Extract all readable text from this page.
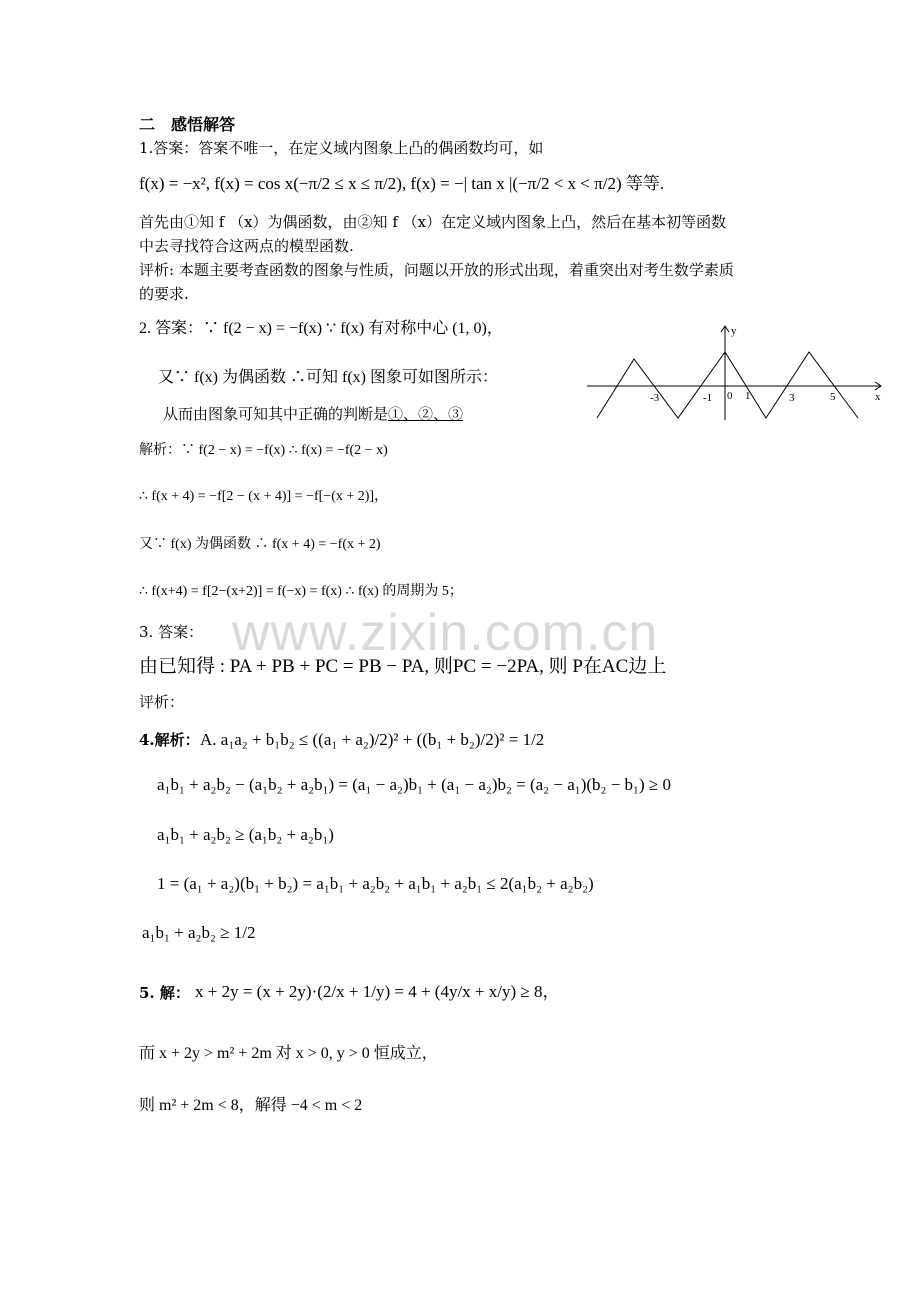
www.zixin.com.cn
二　感悟解答
1.答案：答案不唯一，在定义域内图象上凸的偶函数均可，如
f(x) = −x², f(x) = cos x(−π/2 ≤ x ≤ π/2), f(x) = −| tan x |(−π/2 < x < π/2) 等等.
首先由①知 f （x）为偶函数，由②知 f （x）在定义域内图象上凸，然后在基本初等函数
中去寻找符合这两点的模型函数.
评析: 本题主要考查函数的图象与性质，问题以开放的形式出现，着重突出对考生数学素质
的要求.
2. 答案：∵ f(2 − x) = −f(x) ∵ f(x) 有对称中心 (1, 0)，
又∵ f(x) 为偶函数 ∴可知 f(x) 图象可如图所示：
从而由图象可知其中正确的判断是①、②、③
y
x
-3	-1 0 1	3	5
解析：∵ f(2 − x) = −f(x) ∴ f(x) = −f(2 − x)
∴ f(x + 4) = −f[2 − (x + 4)] = −f[−(x + 2)]，
又∵ f(x) 为偶函数 ∴ f(x + 4) = −f(x + 2)
∴ f(x+4) = f[2−(x+2)] = f(−x) = f(x) ∴ f(x) 的周期为 5；
3. 答案：
由已知得 : PA + PB + PC = PB − PA, 则PC = −2PA, 则 P在AC边上
评析：
4.解析： A. a₁a₂ + b₁b₂ ≤ ((a₁ + a₂)/2)² + ((b₁ + b₂)/2)² = 1/2
a₁b₁ + a₂b₂ − (a₁b₂ + a₂b₁) = (a₁ − a₂)b₁ + (a₁ − a₂)b₂ = (a₂ − a₁)(b₂ − b₁) ≥ 0
a₁b₁ + a₂b₂ ≥ (a₁b₂ + a₂b₁)
1 = (a₁ + a₂)(b₁ + b₂) = a₁b₁ + a₂b₂ + a₁b₁ + a₂b₁ ≤ 2(a₁b₂ + a₂b₂)
a₁b₁ + a₂b₂ ≥ 1/2
5. 解： x + 2y = (x + 2y)·(2/x + 1/y) = 4 + (4y/x + x/y) ≥ 8，
而 x + 2y > m² + 2m 对 x > 0, y > 0 恒成立，
则 m² + 2m < 8，解得 −4 < m < 2
